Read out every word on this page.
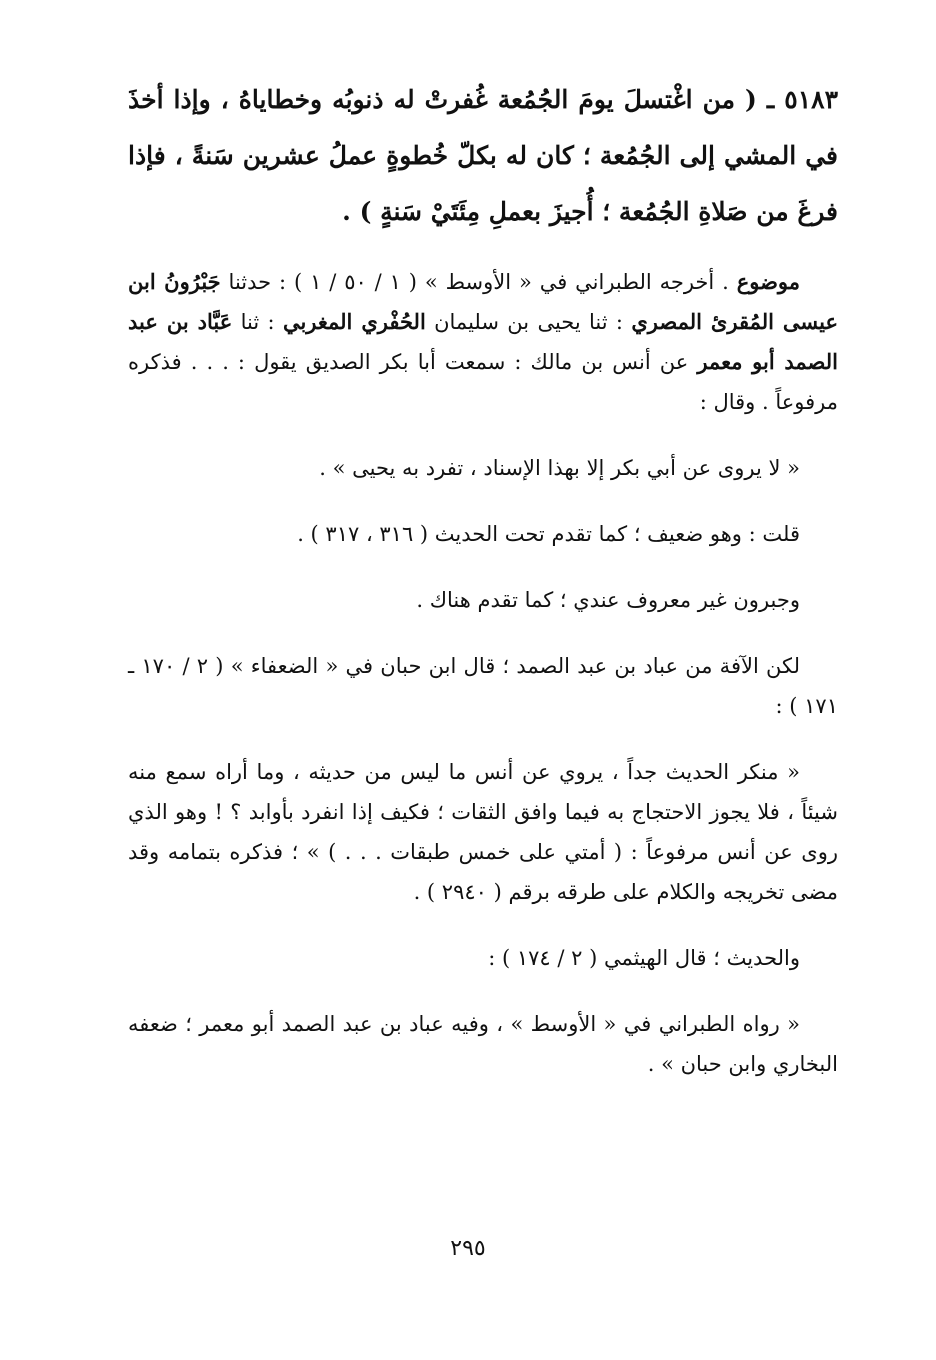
٥١٨٣ ـ ( من اغْتسلَ يومَ الجُمُعة غُفرتْ له ذنوبُه وخطاياهُ ، وإذا أخذَ في المشي إلى الجُمُعة ؛ كان له بكلّ خُطوةٍ عملُ عشرين سَنةً ، فإذا فرغَ من صَلاةِ الجُمُعة ؛ أُجيزَ بعملِ مِئَتَيْ سَنةٍ ) .

موضوع . أخرجه الطبراني في « الأوسط » ( ١ / ٥٠ / ١ ) : حدثنا جَبْرُونُ ابن عيسى المُقرئ المصري : ثنا يحيى بن سليمان الحُفْري المغربي : ثنا عَبَّاد بن عبد الصمد أبو معمر عن أنس بن مالك : سمعت أبا بكر الصديق يقول : . . . فذكره مرفوعاً . وقال :

« لا يروى عن أبي بكر إلا بهذا الإسناد ، تفرد به يحيى » .

قلت : وهو ضعيف ؛ كما تقدم تحت الحديث ( ٣١٦ ، ٣١٧ ) .

وجبرون غير معروف عندي ؛ كما تقدم هناك .

لكن الآفة من عباد بن عبد الصمد ؛ قال ابن حبان في « الضعفاء » ( ٢ / ١٧٠ ـ ١٧١ ) :

« منكر الحديث جداً ، يروي عن أنس ما ليس من حديثه ، وما أراه سمع منه شيئاً ، فلا يجوز الاحتجاج به فيما وافق الثقات ؛ فكيف إذا انفرد بأوابد ؟ ! وهو الذي روى عن أنس مرفوعاً : ( أمتي على خمس طبقات . . . ) » ؛ فذكره بتمامه وقد مضى تخريجه والكلام على طرقه برقم ( ٢٩٤٠ ) .

والحديث ؛ قال الهيثمي ( ٢ / ١٧٤ ) :

« رواه الطبراني في « الأوسط » ، وفيه عباد بن عبد الصمد أبو معمر ؛ ضعفه البخاري وابن حبان » .

٢٩٥
